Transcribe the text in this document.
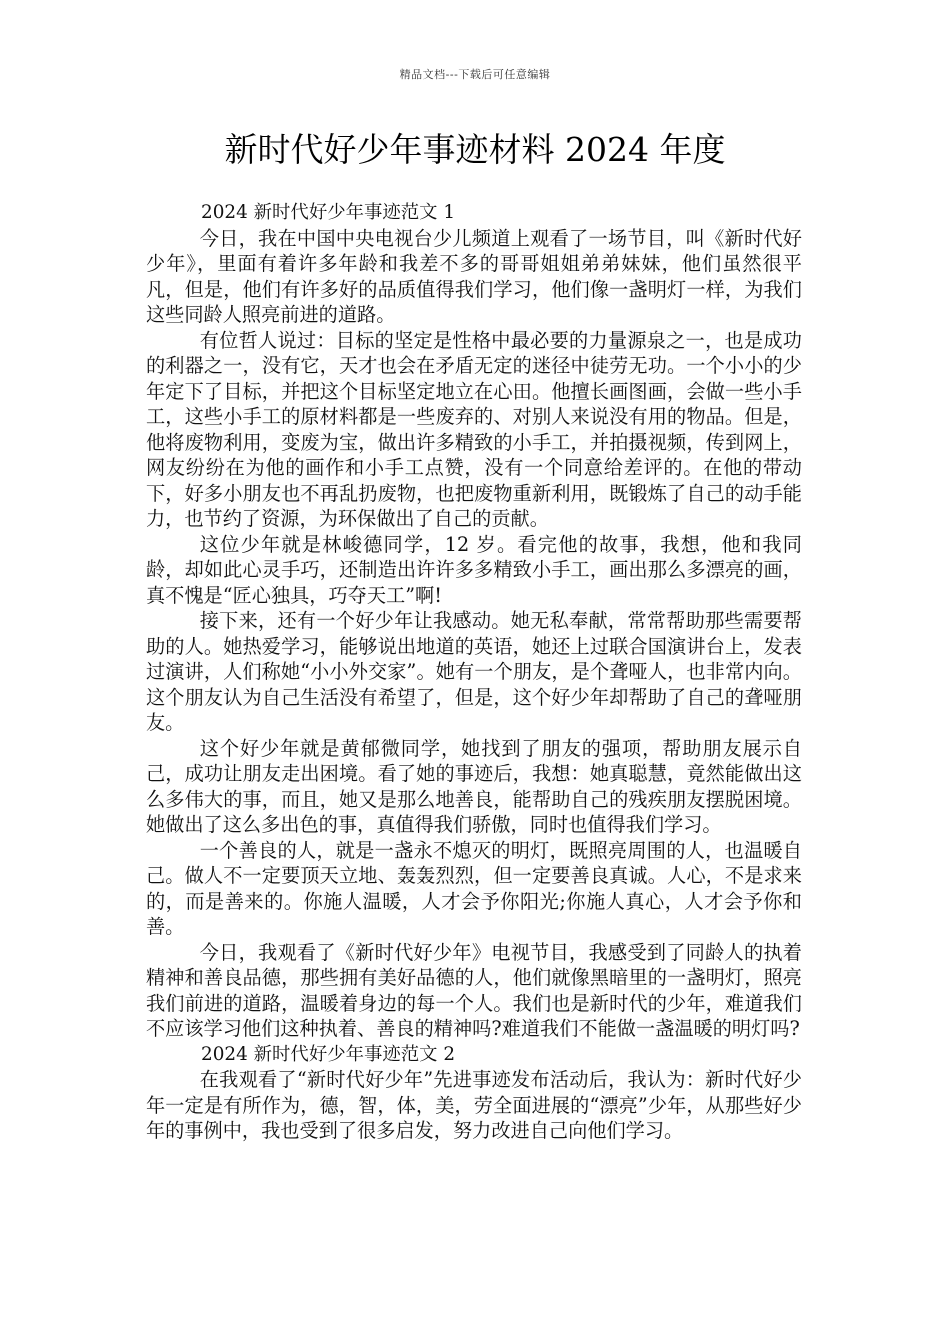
精品文档---下载后可任意编辑
新时代好少年事迹材料 2024 年度
2024 新时代好少年事迹范文 1

今日，我在中国中央电视台少儿频道上观看了一场节目，叫《新时代好少年》，里面有着许多年龄和我差不多的哥哥姐姐弟弟妹妹，他们虽然很平凡，但是，他们有许多好的品质值得我们学习，他们像一盏明灯一样，为我们这些同龄人照亮前进的道路。

有位哲人说过：目标的坚定是性格中最必要的力量源泉之一，也是成功的利器之一，没有它，天才也会在矛盾无定的迷径中徒劳无功。一个小小的少年定下了目标，并把这个目标坚定地立在心田。他擅长画图画，会做一些小手工，这些小手工的原材料都是一些废弃的、对别人来说没有用的物品。但是，他将废物利用，变废为宝，做出许多精致的小手工，并拍摄视频，传到网上，网友纷纷在为他的画作和小手工点赞，没有一个同意给差评的。在他的带动下，好多小朋友也不再乱扔废物，也把废物重新利用，既锻炼了自己的动手能力，也节约了资源，为环保做出了自己的贡献。

这位少年就是林峻德同学，12 岁。看完他的故事，我想，他和我同龄，却如此心灵手巧，还制造出许许多多精致小手工，画出那么多漂亮的画，真不愧是“匠心独具，巧夺天工”啊!

接下来，还有一个好少年让我感动。她无私奉献，常常帮助那些需要帮助的人。她热爱学习，能够说出地道的英语，她还上过联合国演讲台上，发表过演讲，人们称她“小小外交家”。她有一个朋友，是个聋哑人，也非常内向。这个朋友认为自己生活没有希望了，但是，这个好少年却帮助了自己的聋哑朋友。

这个好少年就是黄郁微同学，她找到了朋友的强项，帮助朋友展示自己，成功让朋友走出困境。看了她的事迹后，我想：她真聪慧，竟然能做出这么多伟大的事，而且，她又是那么地善良，能帮助自己的残疾朋友摆脱困境。她做出了这么多出色的事，真值得我们骄傲，同时也值得我们学习。

一个善良的人，就是一盏永不熄灭的明灯，既照亮周围的人，也温暖自己。做人不一定要顶天立地、轰轰烈烈，但一定要善良真诚。人心，不是求来的，而是善来的。你施人温暖，人才会予你阳光;你施人真心，人才会予你和善。

今日，我观看了《新时代好少年》电视节目，我感受到了同龄人的执着精神和善良品德，那些拥有美好品德的人，他们就像黑暗里的一盏明灯，照亮我们前进的道路，温暖着身边的每一个人。我们也是新时代的少年，难道我们不应该学习他们这种执着、善良的精神吗?难道我们不能做一盏温暖的明灯吗?

2024 新时代好少年事迹范文 2

在我观看了“新时代好少年”先进事迹发布活动后，我认为：新时代好少年一定是有所作为，德，智，体，美，劳全面进展的“漂亮”少年，从那些好少年的事例中，我也受到了很多启发，努力改进自己向他们学习。
